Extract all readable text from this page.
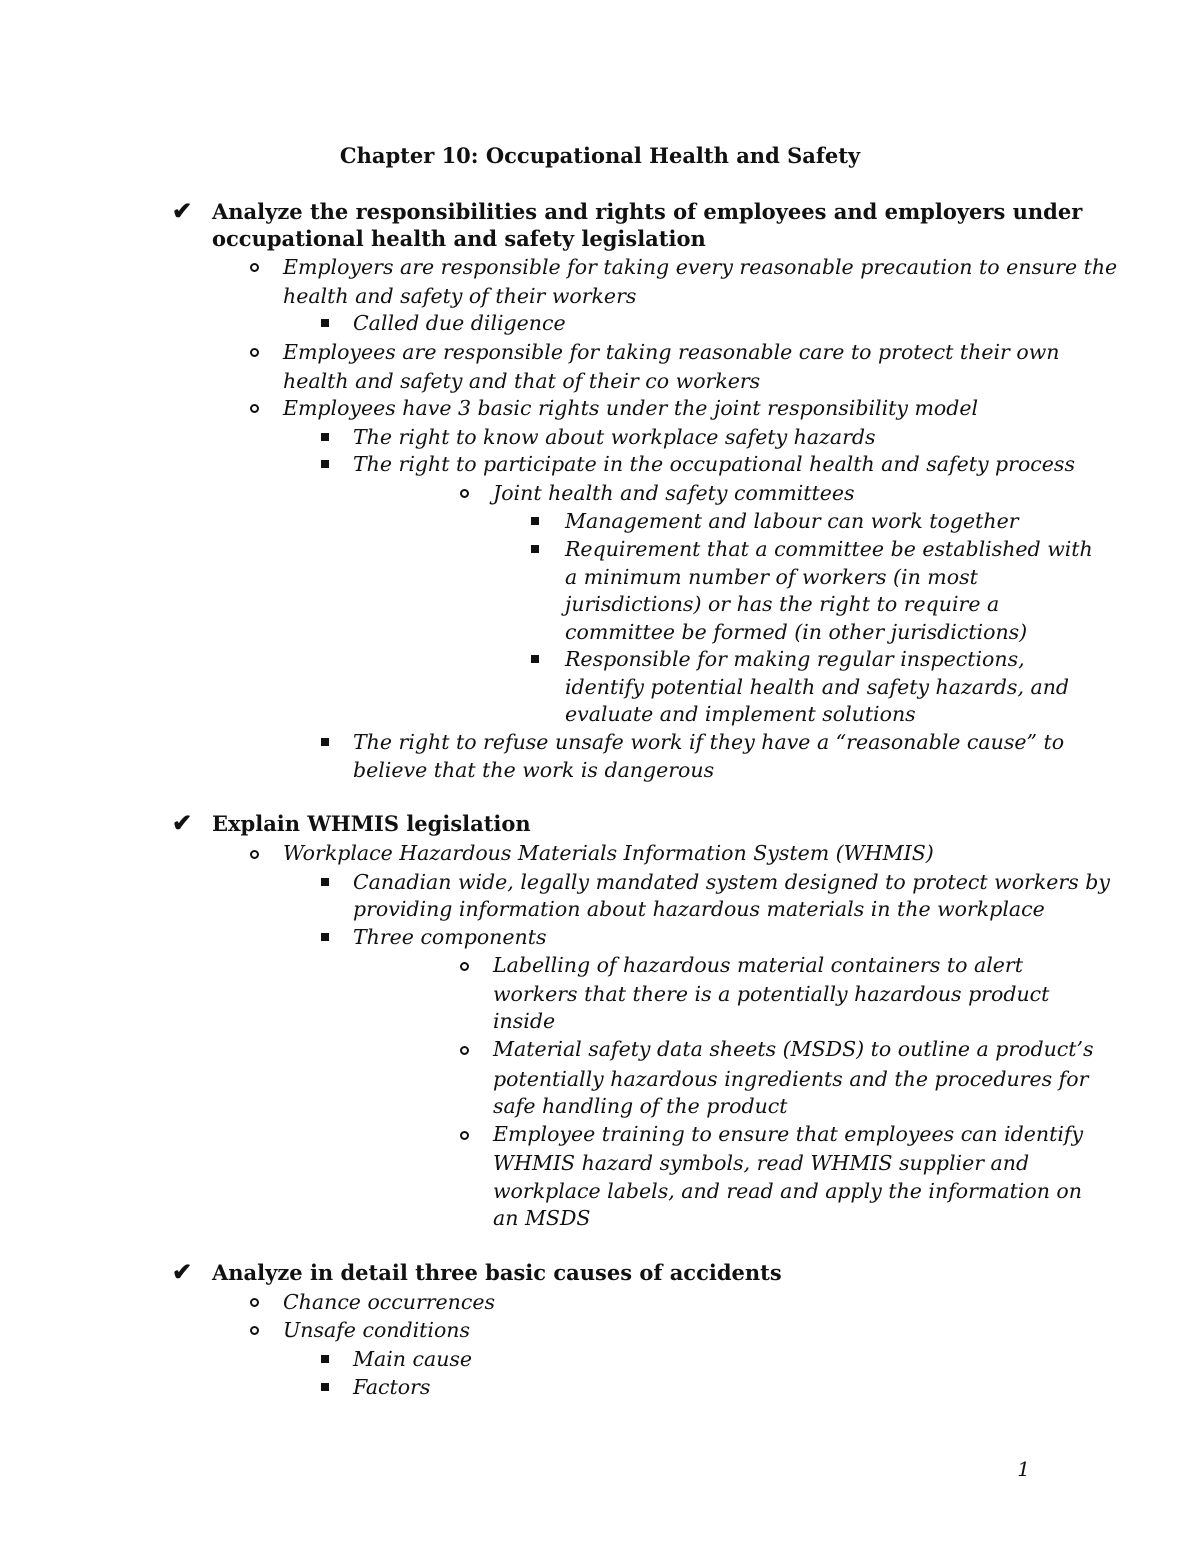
Chapter 10: Occupational Health and Safety
✔ Analyze the responsibilities and rights of employees and employers under
occupational health and safety legislation
Employers are responsible for taking every reasonable precaution to ensure the
health and safety of their workers
Called due diligence
Employees are responsible for taking reasonable care to protect their own
health and safety and that of their co workers
Employees have 3 basic rights under the joint responsibility model
The right to know about workplace safety hazards
The right to participate in the occupational health and safety process
Joint health and safety committees
Management and labour can work together
Requirement that a committee be established with
a minimum number of workers (in most
jurisdictions) or has the right to require a
committee be formed (in other jurisdictions)
Responsible for making regular inspections,
identify potential health and safety hazards, and
evaluate and implement solutions
The right to refuse unsafe work if they have a “reasonable cause” to
believe that the work is dangerous
✔ Explain WHMIS legislation
Workplace Hazardous Materials Information System (WHMIS)
Canadian wide, legally mandated system designed to protect workers by
providing information about hazardous materials in the workplace
Three components
Labelling of hazardous material containers to alert
workers that there is a potentially hazardous product
inside
Material safety data sheets (MSDS) to outline a product’s
potentially hazardous ingredients and the procedures for
safe handling of the product
Employee training to ensure that employees can identify
WHMIS hazard symbols, read WHMIS supplier and
workplace labels, and read and apply the information on
an MSDS
✔ Analyze in detail three basic causes of accidents
Chance occurrences
Unsafe conditions
Main cause
Factors
1
